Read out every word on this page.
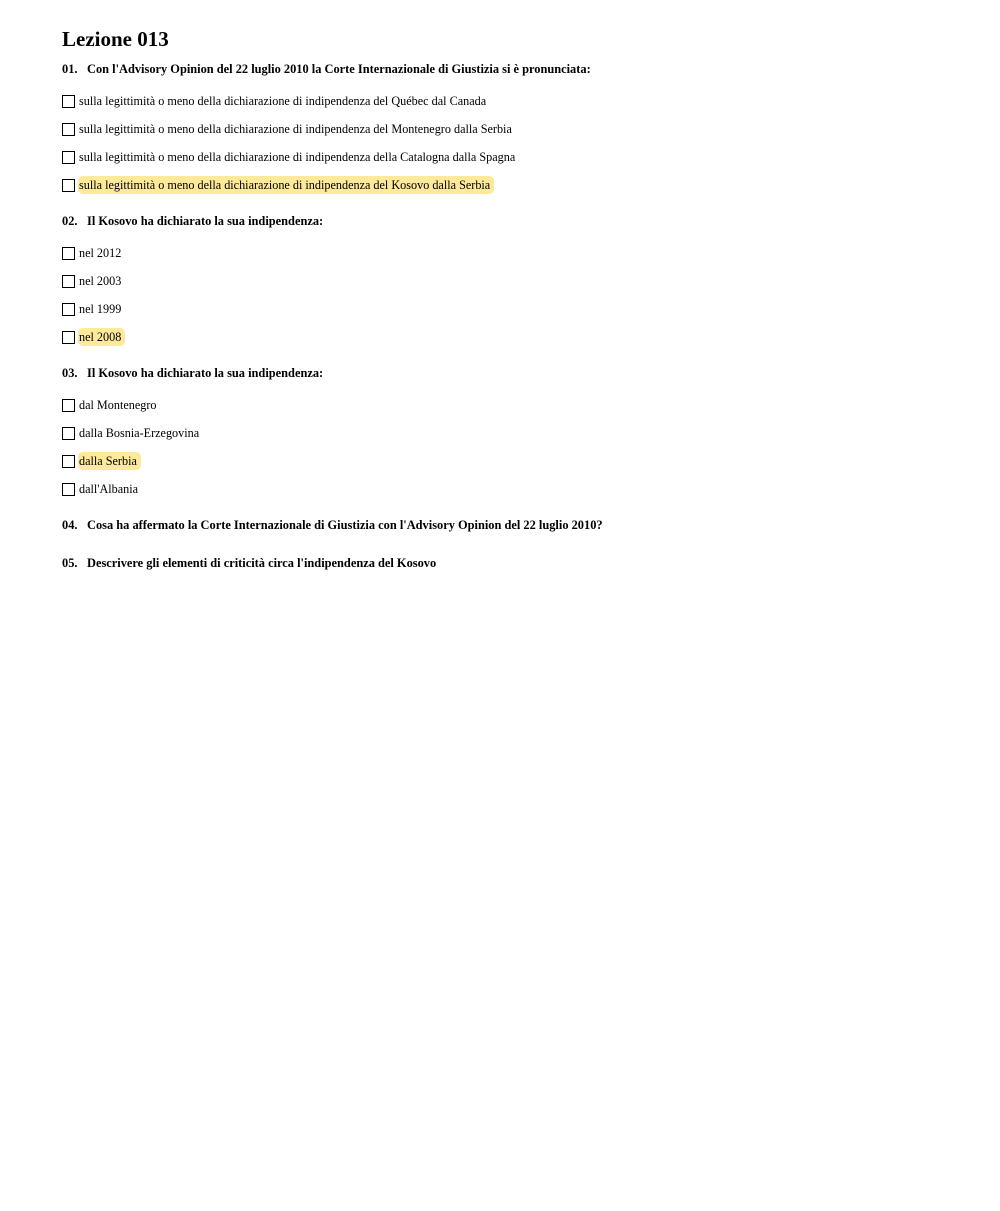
Lezione 013
01. Con l'Advisory Opinion del 22 luglio 2010 la Corte Internazionale di Giustizia si è pronunciata:
sulla legittimità o meno della dichiarazione di indipendenza del Québec dal Canada
sulla legittimità o meno della dichiarazione di indipendenza del Montenegro dalla Serbia
sulla legittimità o meno della dichiarazione di indipendenza della Catalogna dalla Spagna
sulla legittimità o meno della dichiarazione di indipendenza del Kosovo dalla Serbia
02. Il Kosovo ha dichiarato la sua indipendenza:
nel 2012
nel 2003
nel 1999
nel 2008
03. Il Kosovo ha dichiarato la sua indipendenza:
dal Montenegro
dalla Bosnia-Erzegovina
dalla Serbia
dall'Albania
04. Cosa ha affermato la Corte Internazionale di Giustizia con l'Advisory Opinion del 22 luglio 2010?
05. Descrivere gli elementi di criticità circa l'indipendenza del Kosovo
